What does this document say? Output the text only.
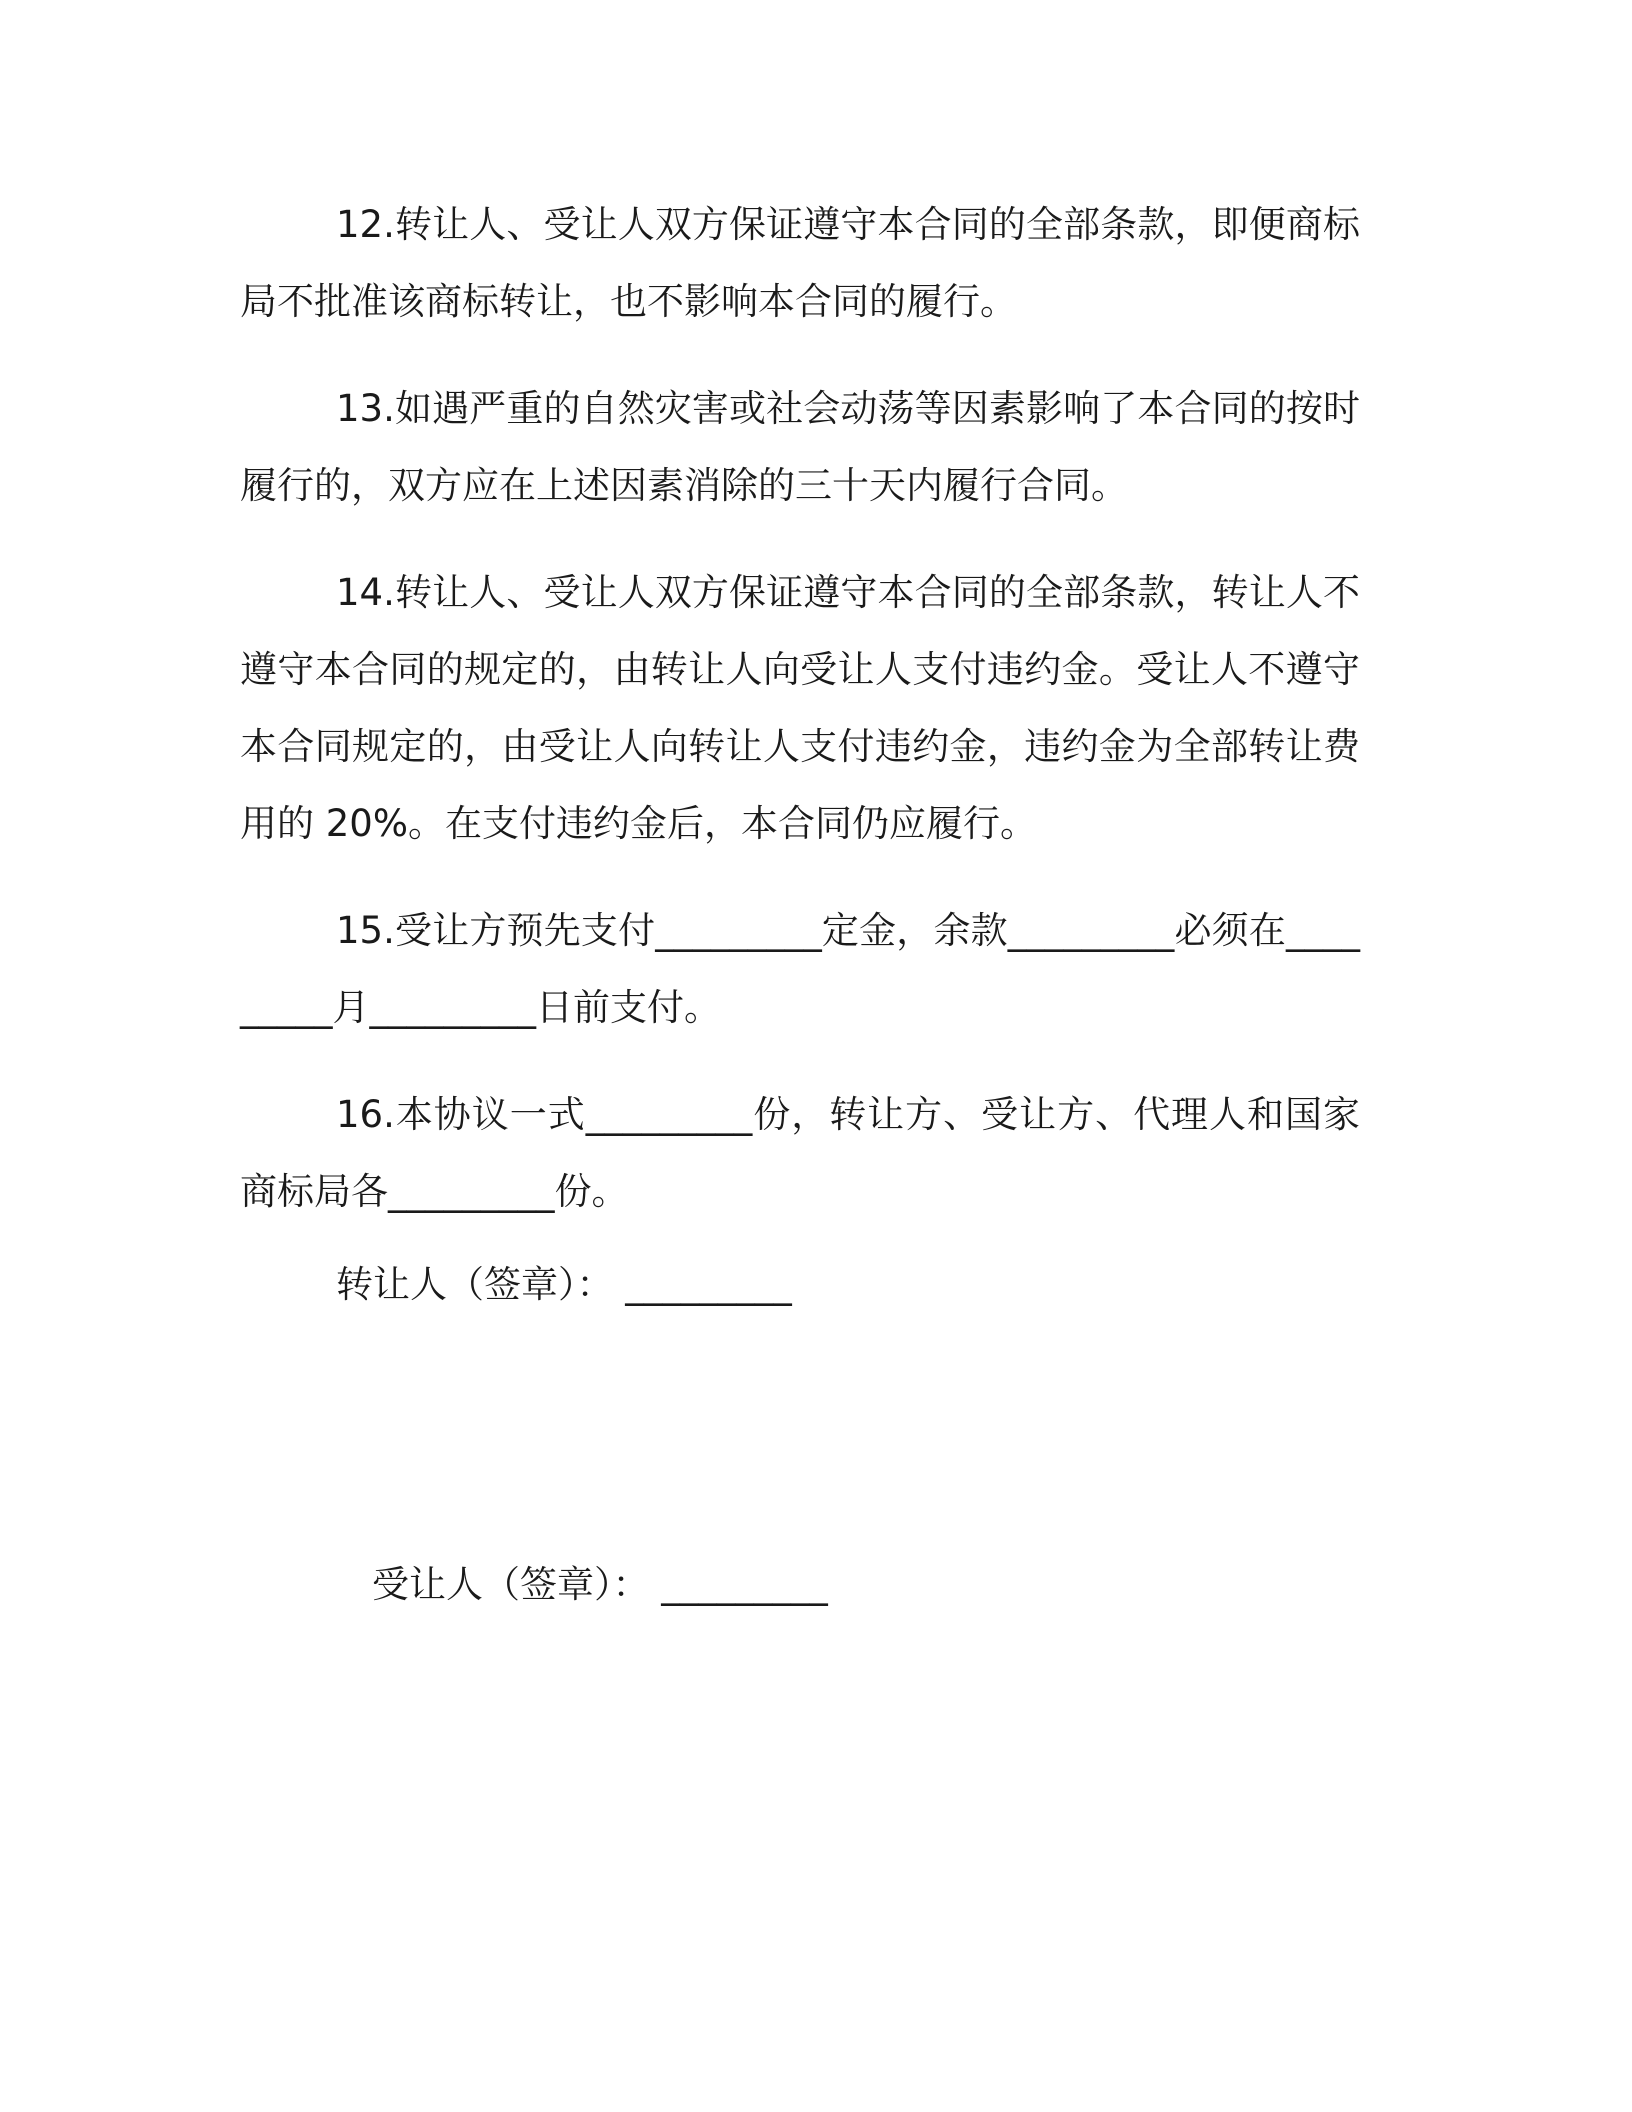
12.转让人、受让人双方保证遵守本合同的全部条款，即便商标局不批准该商标转让，也不影响本合同的履行。

13.如遇严重的自然灾害或社会动荡等因素影响了本合同的按时履行的，双方应在上述因素消除的三十天内履行合同。

14.转让人、受让人双方保证遵守本合同的全部条款，转让人不遵守本合同的规定的，由转让人向受让人支付违约金。受让人不遵守本合同规定的，由受让人向转让人支付违约金，违约金为全部转让费用的 20%。在支付违约金后，本合同仍应履行。

15.受让方预先支付_________定金，余款_________必须在_________月_________日前支付。

16.本协议一式_________份，转让方、受让方、代理人和国家商标局各_________份。

转让人（签章）： _________
受让人（签章）： _________
